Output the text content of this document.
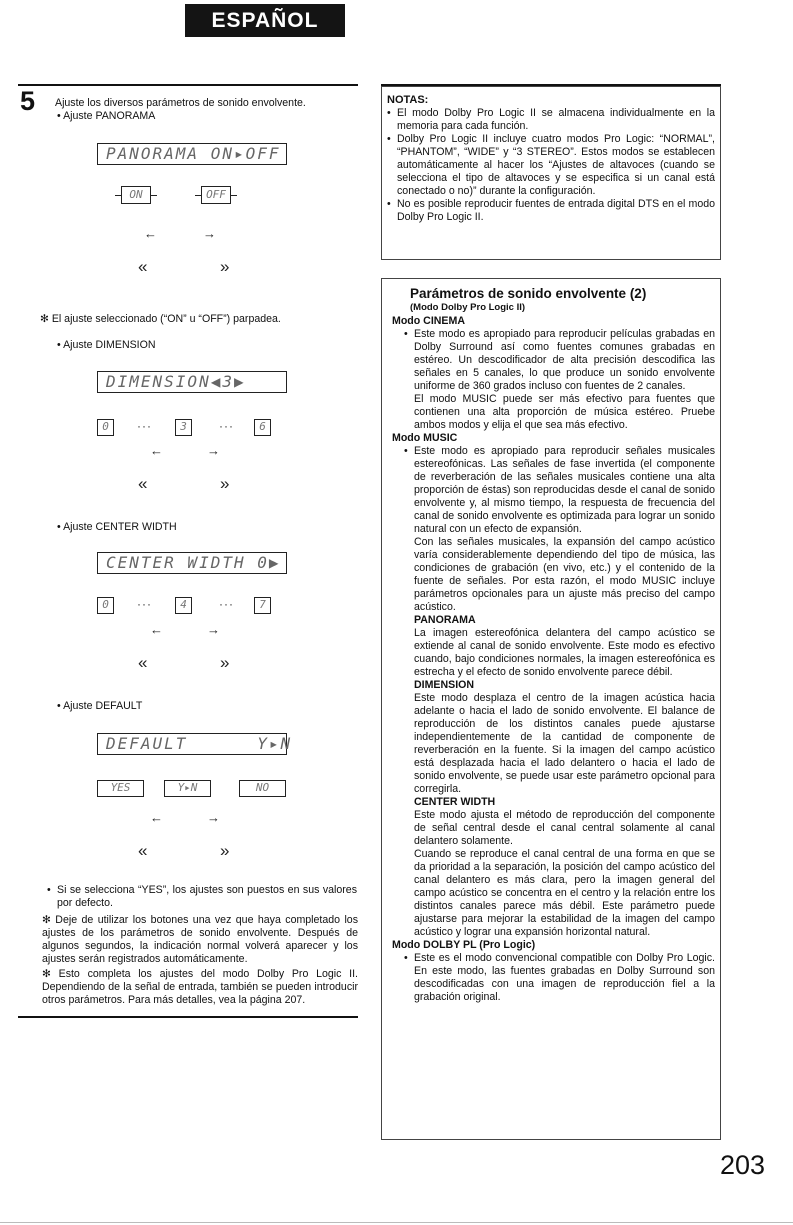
ESPAÑOL
5 Ajuste los diversos parámetros de sonido envolvente.
• Ajuste PANORAMA
PANORAMA ON▸OFF
ON	OFF
←	→
«	»
✻ El ajuste seleccionado (“ON” u “OFF”) parpadea.
• Ajuste DIMENSION
DIMENSION◀3▶
0	···	3	···	6
←	→
«	»
• Ajuste CENTER WIDTH
CENTER WIDTH 0▶
0	···	4	···	7
←	→
«	»
• Ajuste DEFAULT
DEFAULT      Y▸N
YES	Y▸N	NO
←	→
«	»
• Si se selecciona “YES”, los ajustes son puestos en sus valores por defecto.
✻ Deje de utilizar los botones una vez que haya completado los ajustes de los parámetros de sonido envolvente. Después de algunos segundos, la indicación normal volverá aparecer y los ajustes serán registrados automáticamente.
✻ Esto completa los ajustes del modo Dolby Pro Logic II. Dependiendo de la señal de entrada, también se pueden introducir otros parámetros. Para más detalles, vea la página 207.
NOTAS:
• El modo Dolby Pro Logic II se almacena individualmente en la memoria para cada función.
• Dolby Pro Logic II incluye cuatro modos Pro Logic: “NORMAL”, “PHANTOM”, “WIDE” y “3 STEREO”. Estos modos se establecen automáticamente al hacer los “Ajustes de altavoces (cuando se selecciona el tipo de altavoces y se especifica si un canal está conectado o no)” durante la configuración.
• No es posible reproducir fuentes de entrada digital DTS en el modo Dolby Pro Logic II.
Parámetros de sonido envolvente (2)
(Modo Dolby Pro Logic II)
Modo CINEMA
• Este modo es apropiado para reproducir películas grabadas en Dolby Surround así como fuentes comunes grabadas en estéreo. Un descodificador de alta precisión descodifica las señales en 5 canales, lo que produce un sonido envolvente uniforme de 360 grados incluso con fuentes de 2 canales.
El modo MUSIC puede ser más efectivo para fuentes que contienen una alta proporción de música estéreo. Pruebe ambos modos y elija el que sea más efectivo.
Modo MUSIC
• Este modo es apropiado para reproducir señales musicales estereofónicas. Las señales de fase invertida (el componente de reverberación de las señales musicales contiene una alta proporción de éstas) son reproducidas desde el canal de sonido envolvente y, al mismo tiempo, la respuesta de frecuencia del canal de sonido envolvente es optimizada para lograr un sonido natural con un efecto de expansión.
Con las señales musicales, la expansión del campo acústico varía considerablemente dependiendo del tipo de música, las condiciones de grabación (en vivo, etc.) y el contenido de la fuente de señales. Por esta razón, el modo MUSIC incluye parámetros opcionales para un ajuste más preciso del campo acústico.
PANORAMA
La imagen estereofónica delantera del campo acústico se extiende al canal de sonido envolvente. Este modo es efectivo cuando, bajo condiciones normales, la imagen estereofónica es estrecha y el efecto de sonido envolvente parece débil.
DIMENSION
Este modo desplaza el centro de la imagen acústica hacia adelante o hacia el lado de sonido envolvente. El balance de reproducción de los distintos canales puede ajustarse independientemente de la cantidad de componente de reverberación en la fuente. Si la imagen del campo acústico está desplazada hacia el lado delantero o hacia el lado de sonido envolvente, se puede usar este parámetro opcional para corregirla.
CENTER WIDTH
Este modo ajusta el método de reproducción del componente de señal central desde el canal central solamente al canal delantero solamente.
Cuando se reproduce el canal central de una forma en que se da prioridad a la separación, la posición del campo acústico del canal delantero es más clara, pero la imagen general del campo acústico se concentra en el centro y la relación entre los distintos canales parece más débil. Este parámetro puede ajustarse para mejorar la estabilidad de la imagen del campo acústico y lograr una expansión horizontal natural.
Modo DOLBY PL (Pro Logic)
• Este es el modo convencional compatible con Dolby Pro Logic. En este modo, las fuentes grabadas en Dolby Surround son descodificadas con una imagen de reproducción fiel a la grabación original.
203
